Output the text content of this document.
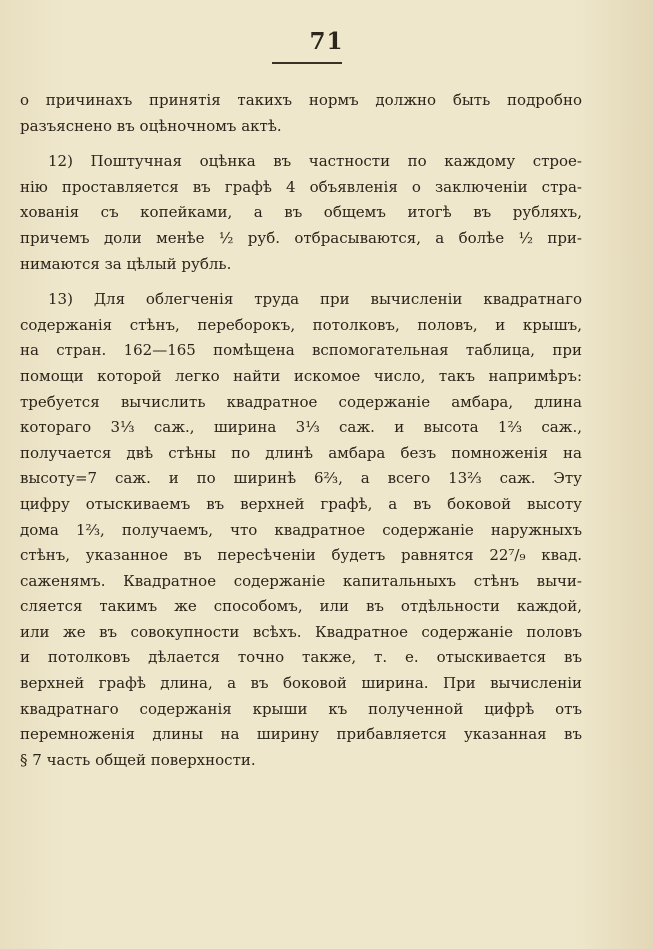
71
о причинахъ принятія такихъ нормъ должно быть подробно
разъяснено въ оцѣночномъ актѣ.
12) Поштучная оцѣнка въ частности по каждому строе-
нію проставляется въ графѣ 4 объявленія о заключеніи стра-
хованія съ копейками, а въ общемъ итогѣ въ рубляхъ,
причемъ доли менѣе ½ руб. отбрасываются, а болѣе ½ при-
нимаются за цѣлый рубль.
13) Для облегченія труда при вычисленіи квадратнаго
содержанія стѣнъ, переборокъ, потолковъ, половъ, и крышъ,
на стран. 162—165 помѣщена вспомогательная таблица, при
помощи которой легко найти искомое число, такъ напримѣръ:
требуется вычислить квадратное содержаніе амбара, длина
котораго 3⅓ саж., ширина 3⅓ саж. и высота 1⅔ саж.,
получается двѣ стѣны по длинѣ амбара безъ помноженія на
высоту=7 саж. и по ширинѣ 6⅔, а всего 13⅔ саж. Эту
цифру отыскиваемъ въ верхней графѣ, а въ боковой высоту
дома 1⅔, получаемъ, что квадратное содержаніе наружныхъ
стѣнъ, указанное въ пересѣченіи будетъ равнятся 22⁷/₉ квад.
саженямъ. Квадратное содержаніе капитальныхъ стѣнъ вычи-
сляется такимъ же способомъ, или въ отдѣльности каждой,
или же въ совокупности всѣхъ. Квадратное содержаніе половъ
и потолковъ дѣлается точно также, т. е. отыскивается въ
верхней графѣ длина, а въ боковой ширина. При вычисленіи
квадратнаго содержанія крыши къ полученной цифрѣ отъ
перемноженія длины на ширину прибавляется указанная въ
§ 7 часть общей поверхности.
